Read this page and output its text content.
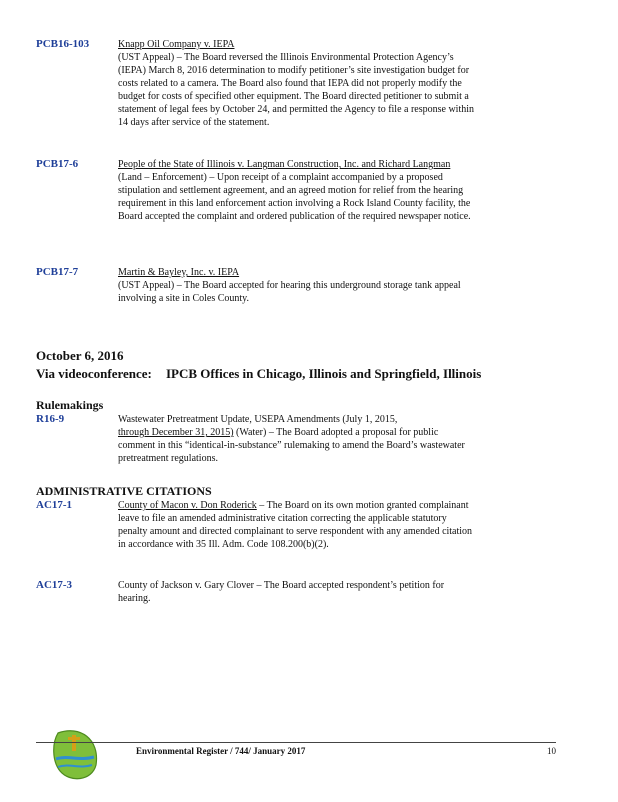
PCB16-103	Knapp Oil Company v. IEPA
(UST Appeal) – The Board reversed the Illinois Environmental Protection Agency’s (IEPA) March 8, 2016 determination to modify petitioner’s site investigation budget for costs related to a camera. The Board also found that IEPA did not properly modify the budget for costs of specified other equipment. The Board directed petitioner to submit a statement of legal fees by October 24, and permitted the Agency to file a response within 14 days after service of the statement.
PCB17-6	People of the State of Illinois v. Langman Construction, Inc. and Richard Langman
(Land – Enforcement) – Upon receipt of a complaint accompanied by a proposed stipulation and settlement agreement, and an agreed motion for relief from the hearing requirement in this land enforcement action involving a Rock Island County facility, the Board accepted the complaint and ordered publication of the required newspaper notice.
PCB17-7	Martin & Bayley, Inc. v. IEPA
(UST Appeal) – The Board accepted for hearing this underground storage tank appeal involving a site in Coles County.
October 6, 2016
Via videoconference: IPCB Offices in Chicago, Illinois and Springfield, Illinois
Rulemakings
R16-9	Wastewater Pretreatment Update, USEPA Amendments (July 1, 2015,
through December 31, 2015) (Water) – The Board adopted a proposal for public comment in this “identical-in-substance” rulemaking to amend the Board’s wastewater pretreatment regulations.
ADMINISTRATIVE CITATIONS
AC17-1	County of Macon v. Don Roderick – The Board on its own motion granted complainant leave to file an amended administrative citation correcting the applicable statutory penalty amount and directed complainant to serve respondent with any amended citation in accordance with 35 Ill. Adm. Code 108.200(b)(2).
AC17-3	County of Jackson v. Gary Clover – The Board accepted respondent’s petition for hearing.
Environmental Register / 744/ January 2017	10
